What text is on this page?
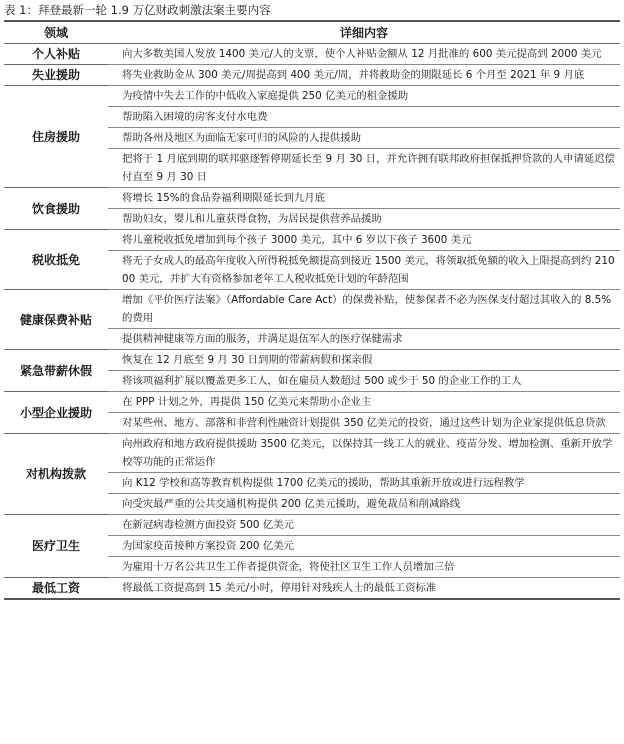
表 1：拜登最新一轮 1.9 万亿财政刺激法案主要内容
领域	详细内容
个人补贴	向大多数美国人发放 1400 美元/人的支票，使个人补贴金额从 12 月批准的 600 美元提高到 2000 美元
失业援助	将失业救助金从 300 美元/周提高到 400 美元/周，并将救助金的期限延长 6 个月至 2021 年 9 月底
住房援助	为疫情中失去工作的中低收入家庭提供 250 亿美元的租金援助
	帮助陷入困境的房客支付水电费
	帮助各州及地区为面临无家可归的风险的人提供援助
	把将于 1 月底到期的联邦驱逐暂停期延长至 9 月 30 日，并允许拥有联邦政府担保抵押贷款的人申请延迟偿付直至 9 月 30 日
饮食援助	将增长 15%的食品券福利期限延长到九月底
	帮助妇女，婴儿和儿童获得食物，为居民提供营养品援助
税收抵免	将儿童税收抵免增加到每个孩子 3000 美元，其中 6 岁以下孩子 3600 美元
	将无子女成人的最高年度收入所得税抵免额提高到接近 1500 美元，将领取抵免额的收入上限提高到约 21000 美元，并扩大有资格参加老年工人税收抵免计划的年龄范围
健康保费补贴	增加《平价医疗法案》（Affordable Care Act）的保费补贴，使参保者不必为医保支付超过其收入的 8.5%的费用
	提供精神健康等方面的服务，并满足退伍军人的医疗保健需求
紧急带薪休假	恢复在 12 月底至 9 月 30 日到期的带薪病假和探亲假
	将该项福利扩展以覆盖更多工人，如在雇员人数超过 500 或少于 50 的企业工作的工人
小型企业援助	在 PPP 计划之外，再提供 150 亿美元来帮助小企业主
	对某些州、地方、部落和非营利性融资计划提供 350 亿美元的投资，通过这些计划为企业家提供低息贷款
对机构拨款	向州政府和地方政府提供援助 3500 亿美元，以保持其一线工人的就业、疫苗分发、增加检测、重新开放学校等功能的正常运作
	向 K12 学校和高等教育机构提供 1700 亿美元的援助，帮助其重新开放或进行远程教学
	向受灾最严重的公共交通机构提供 200 亿美元援助，避免裁员和削减路线
医疗卫生	在新冠病毒检测方面投资 500 亿美元
	为国家疫苗接种方案投资 200 亿美元
	为雇用十万名公共卫生工作者提供资金，将使社区卫生工作人员增加三倍
最低工资	将最低工资提高到 15 美元/小时，停用针对残疾人士的最低工资标准
